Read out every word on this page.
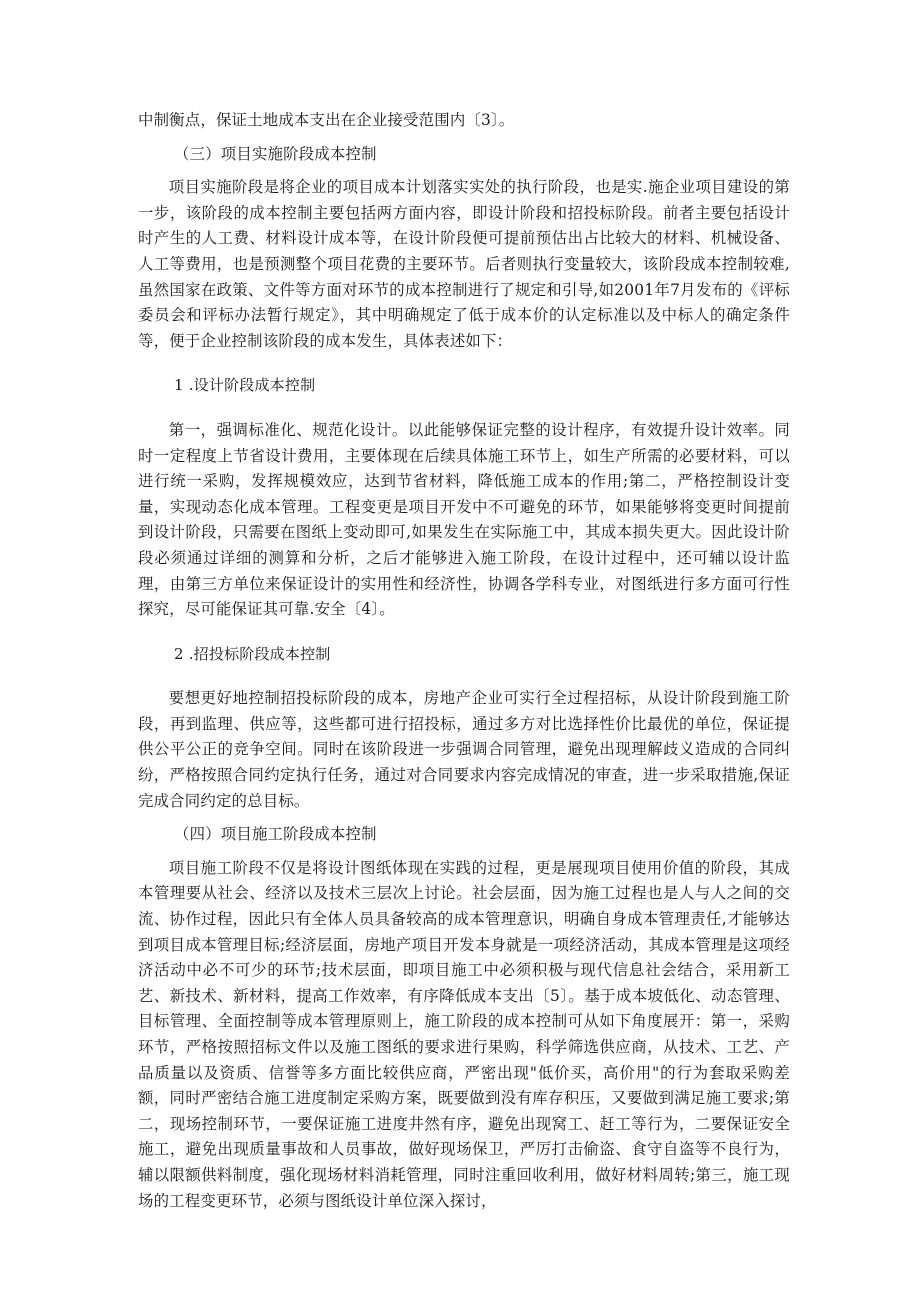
中制衡点，保证土地成本支出在企业接受范围内〔3〕。

（三）项目实施阶段成本控制

项目实施阶段是将企业的项目成本计划落实实处的执行阶段，也是实.施企业项目建设的第一步，该阶段的成本控制主要包括两方面内容，即设计阶段和招投标阶段。前者主要包括设计时产生的人工费、材料设计成本等，在设计阶段便可提前预估出占比较大的材料、机械设备、人工等费用，也是预测整个项目花费的主要环节。后者则执行变量较大，该阶段成本控制较难,虽然国家在政策、文件等方面对环节的成本控制进行了规定和引导,如2001年7月发布的《评标委员会和评标办法暂行规定》，其中明确规定了低于成本价的认定标准以及中标人的确定条件等，便于企业控制该阶段的成本发生，具体表述如下：

1 .设计阶段成本控制

第一，强调标准化、规范化设计。以此能够保证完整的设计程序，有效提升设计效率。同时一定程度上节省设计费用，主要体现在后续具体施工环节上，如生产所需的必要材料，可以进行统一采购，发挥规模效应，达到节省材料，降低施工成本的作用;第二，严格控制设计变量，实现动态化成本管理。工程变更是项目开发中不可避免的环节，如果能够将变更时间提前到设计阶段，只需要在图纸上变动即可,如果发生在实际施工中，其成本损失更大。因此设计阶段必须通过详细的测算和分析，之后才能够进入施工阶段，在设计过程中，还可辅以设计监理，由第三方单位来保证设计的实用性和经济性，协调各学科专业，对图纸进行多方面可行性探究，尽可能保证其可靠.安全〔4〕。

2 .招投标阶段成本控制

要想更好地控制招投标阶段的成本，房地产企业可实行全过程招标，从设计阶段到施工阶段，再到监理、供应等，这些都可进行招投标，通过多方对比选择性价比最优的单位，保证提供公平公正的竞争空间。同时在该阶段进一步强调合同管理，避免出现理解歧义造成的合同纠纷，严格按照合同约定执行任务，通过对合同要求内容完成情况的审查，进一步采取措施,保证完成合同约定的总目标。

（四）项目施工阶段成本控制

项目施工阶段不仅是将设计图纸体现在实践的过程，更是展现项目使用价值的阶段，其成本管理要从社会、经济以及技术三层次上讨论。社会层面，因为施工过程也是人与人之间的交流、协作过程，因此只有全体人员具备较高的成本管理意识，明确自身成本管理责任,才能够达到项目成本管理目标;经济层面，房地产项目开发本身就是一项经济活动，其成本管理是这项经济活动中必不可少的环节;技术层面，即项目施工中必须积极与现代信息社会结合，采用新工艺、新技术、新材料，提高工作效率，有序降低成本支出〔5〕。基于成本坡低化、动态管理、目标管理、全面控制等成本管理原则上，施工阶段的成本控制可从如下角度展开：第一，采购环节，严格按照招标文件以及施工图纸的要求进行果购，科学筛选供应商，从技术、工艺、产品质量以及资质、信誉等多方面比较供应商，严密出现"低价买，高价用"的行为套取采购差额，同时严密结合施工进度制定采购方案，既要做到没有库存积压，又要做到满足施工要求;第二，现场控制环节，一要保证施工进度井然有序，避免出现窝工、赶工等行为，二要保证安全施工，避免出现质量事故和人员事故，做好现场保卫，严厉打击偷盗、食守自盗等不良行为，辅以限额供料制度，强化现场材料消耗管理，同时注重回收利用，做好材料周转;第三，施工现场的工程变更环节，必须与图纸设计单位深入探讨，
